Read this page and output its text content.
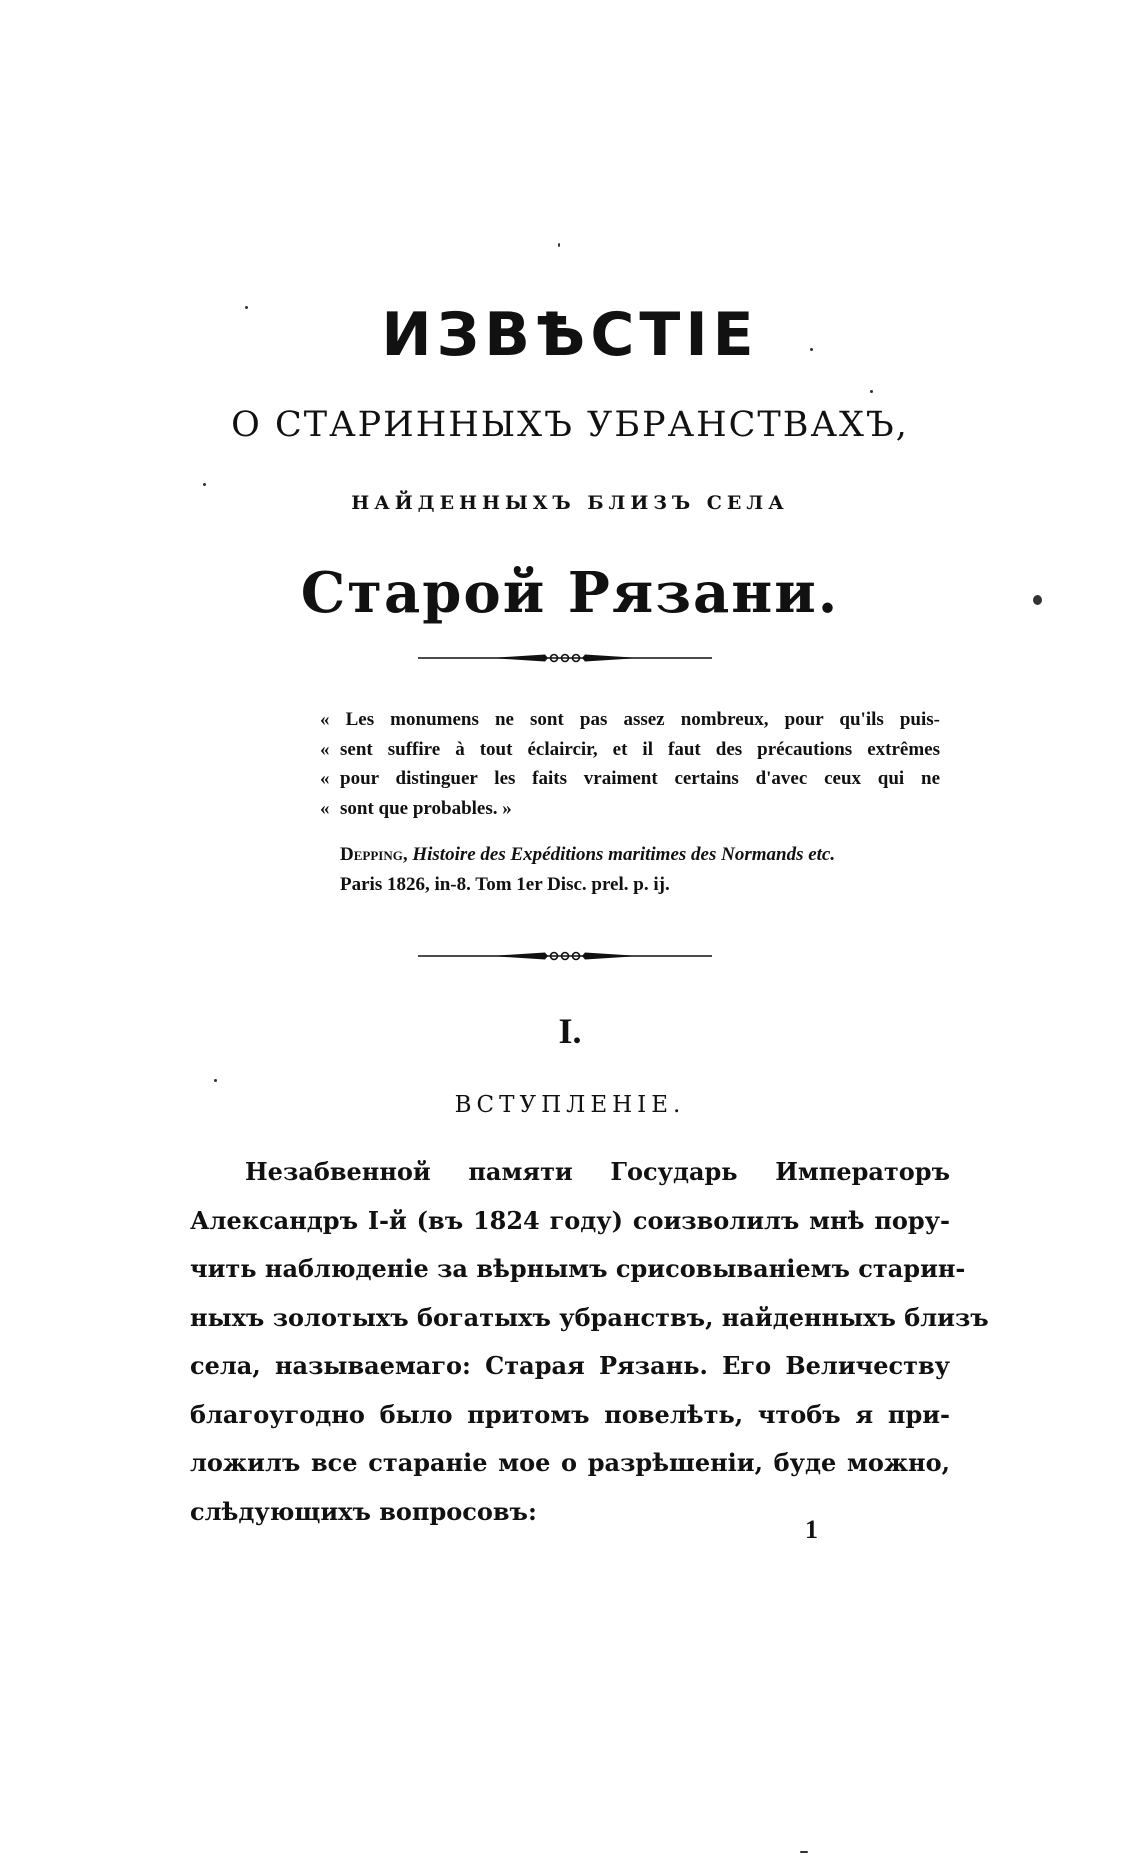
ИЗВѢСТІЕ
О СТАРИННЫХЪ УБРАНСТВАХЪ,
НАЙДЕННЫХЪ БЛИЗЪ СЕЛА
Старой Рязани.
« Les monumens ne sont pas assez nombreux, pour qu'ils puis-
« sent suffire à tout éclaircir, et il faut des précautions extrêmes
« pour distinguer les faits vraiment certains d'avec ceux qui ne
« sont que probables. »
Depping, Histoire des Expéditions maritimes des Normands etc.
Paris 1826, in-8. Tom 1er Disc. prel. p. ij.
I.
ВСТУПЛЕНІЕ.
Незабвенной памяти Государь Императоръ
Александръ I-й (въ 1824 году) соизволилъ мнѣ пору-
чить наблюденіе за вѣрнымъ срисовываніемъ старин-
ныхъ золотыхъ богатыхъ убранствъ, найденныхъ близъ
села, называемаго: Старая Рязань. Его Величеству
благоугодно было притомъ повелѣть, чтобъ я при-
ложилъ все стараніе мое о разрѣшеніи, буде можно,
слѣдующихъ вопросовъ:
1
